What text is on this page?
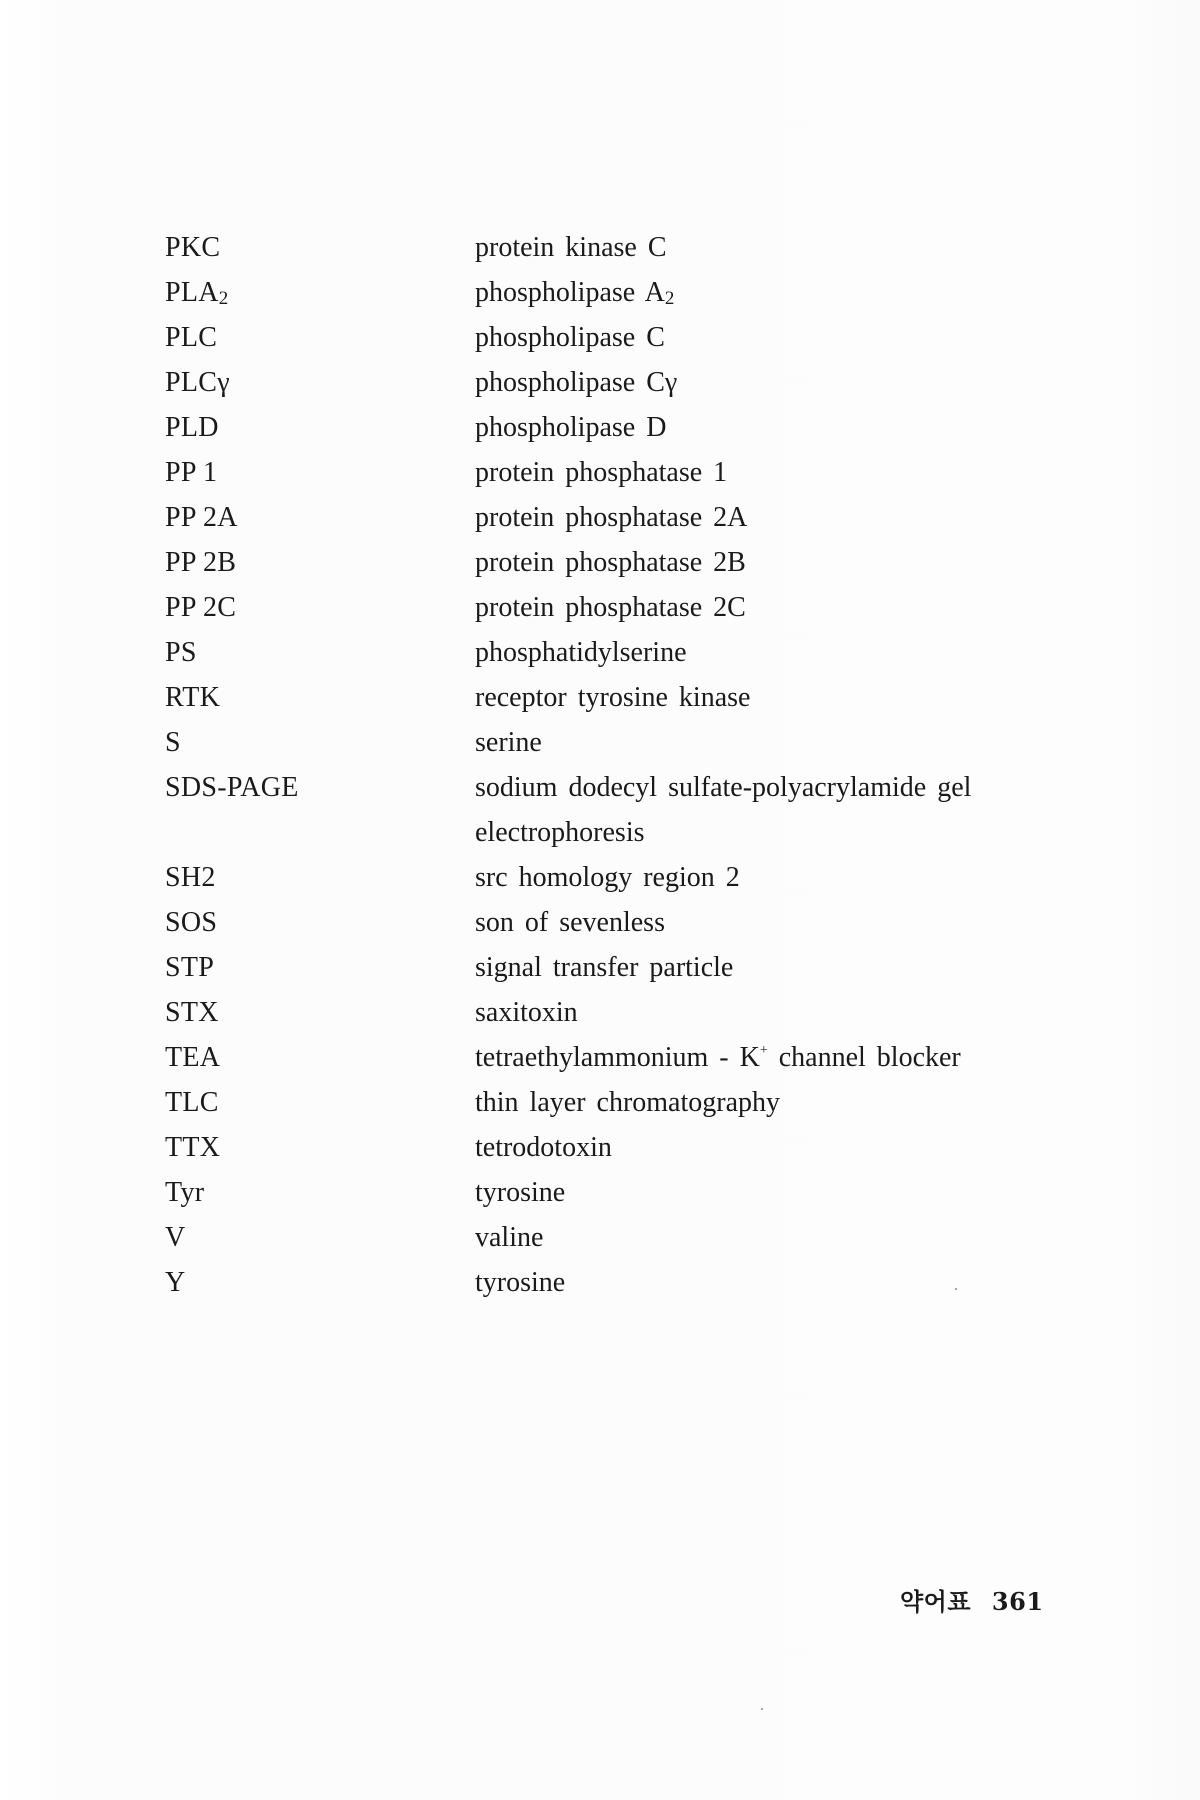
PKC	protein kinase C
$PLA_2$	phospholipase $A_2$
PLC	phospholipase C
PLCγ	phospholipase Cγ
PLD	phospholipase D
PP 1	protein phosphatase 1
PP 2A	protein phosphatase 2A
PP 2B	protein phosphatase 2B
PP 2C	protein phosphatase 2C
PS	phosphatidylserine
RTK	receptor tyrosine kinase
S	serine
SDS-PAGE	sodium dodecyl sulfate-polyacrylamide gel
electrophoresis
SH2	src homology region 2
SOS	son of sevenless
STP	signal transfer particle
STX	saxitoxin
TEA	tetraethylammonium - K+ channel blocker
TLC	thin layer chromatography
TTX	tetrodotoxin
Tyr	tyrosine
V	valine
Y	tyrosine
약어표 361
